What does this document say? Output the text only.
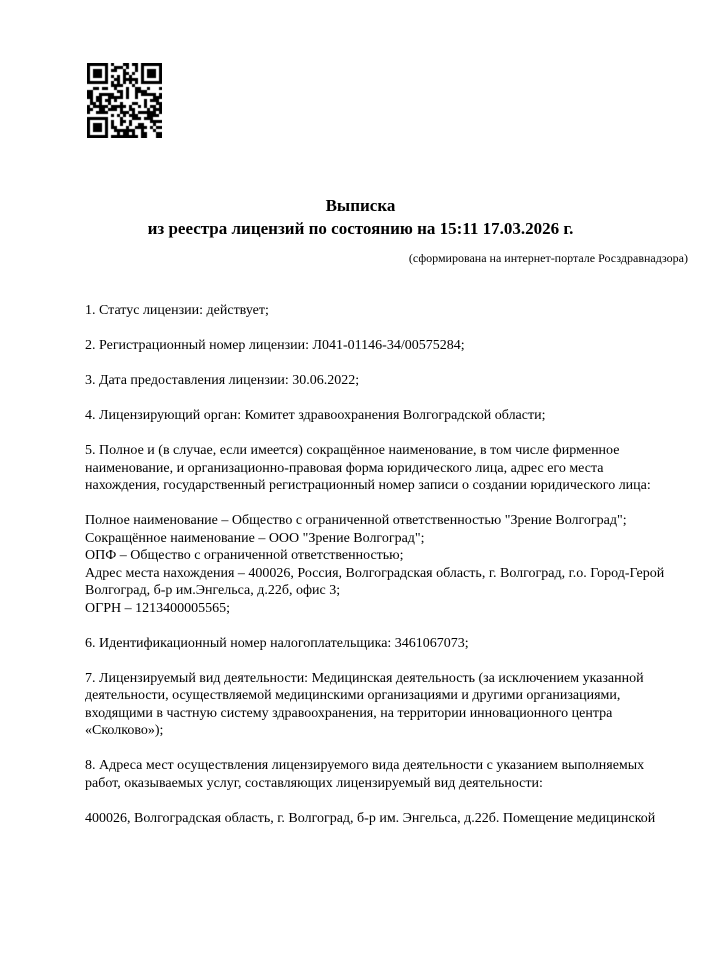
Выписка
из реестра лицензий по состоянию на 15:11 17.03.2026 г.
(сформирована на интернет-портале Росздравнадзора)
1. Статус лицензии: действует;
2. Регистрационный номер лицензии: Л041-01146-34/00575284;
3. Дата предоставления лицензии: 30.06.2022;
4. Лицензирующий орган: Комитет здравоохранения Волгоградской области;
5. Полное и (в случае, если имеется) сокращённое наименование, в том числе фирменное наименование, и организационно-правовая форма юридического лица, адрес его места нахождения, государственный регистрационный номер записи о создании юридического лица:
Полное наименование – Общество с ограниченной ответственностью "Зрение Волгоград";
Сокращённое наименование – ООО "Зрение Волгоград";
ОПФ – Общество с ограниченной ответственностью;
Адрес места нахождения – 400026, Россия, Волгоградская область, г. Волгоград, г.о. Город-Герой Волгоград, б-р им.Энгельса, д.22б, офис 3;
ОГРН – 1213400005565;
6. Идентификационный номер налогоплательщика: 3461067073;
7. Лицензируемый вид деятельности: Медицинская деятельность (за исключением указанной деятельности, осуществляемой медицинскими организациями и другими организациями, входящими в частную систему здравоохранения, на территории инновационного центра «Сколково»);
8. Адреса мест осуществления лицензируемого вида деятельности с указанием выполняемых работ, оказываемых услуг, составляющих лицензируемый вид деятельности:
400026, Волгоградская область, г. Волгоград, б-р им. Энгельса, д.22б. Помещение медицинской
